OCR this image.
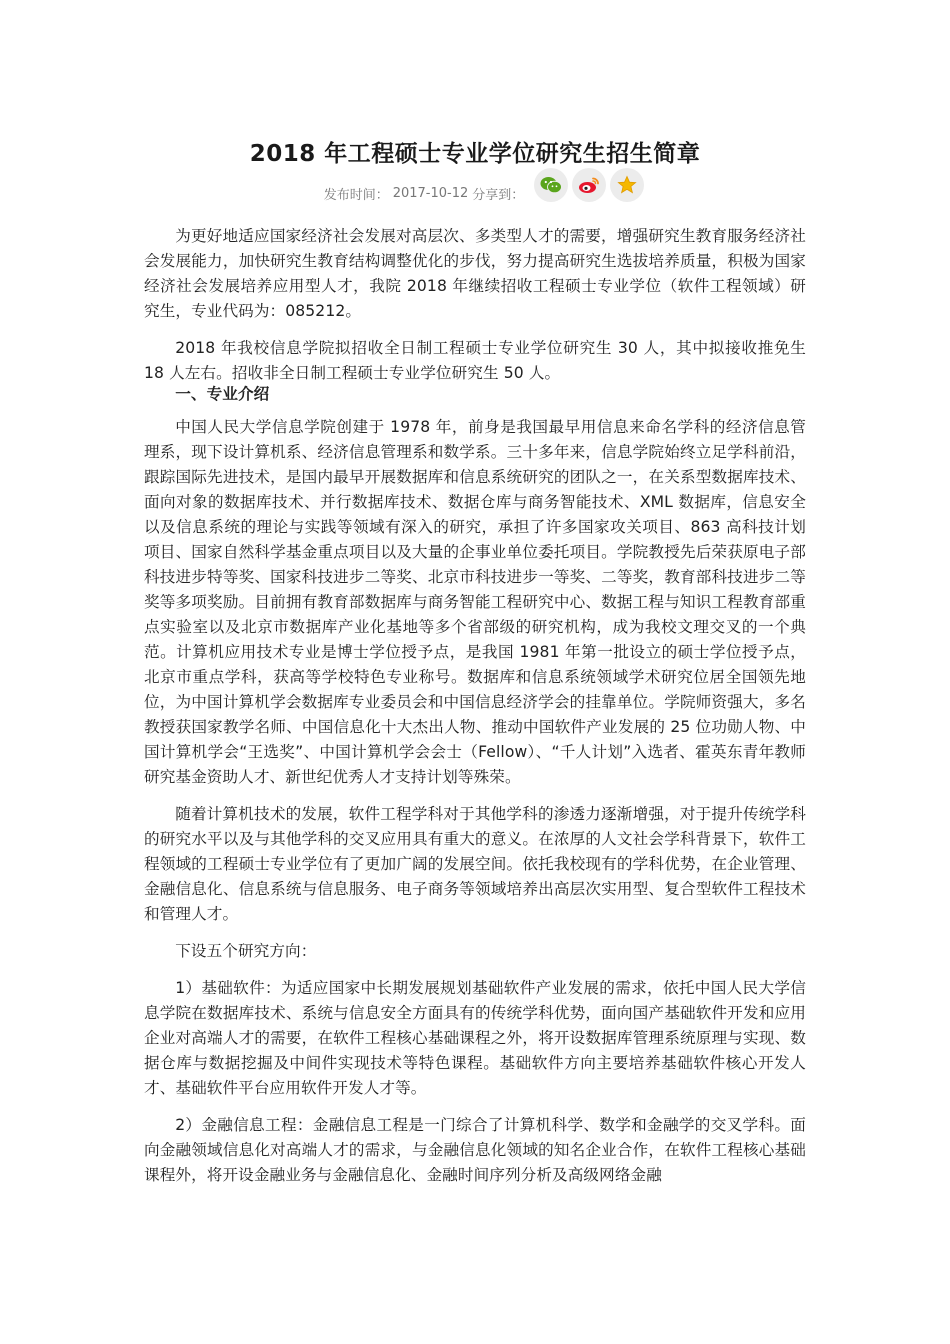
2018 年工程硕士专业学位研究生招生简章
发布时间： 2017-10-12 分享到：

为更好地适应国家经济社会发展对高层次、多类型人才的需要，增强研究生教育服务经济社会发展能力，加快研究生教育结构调整优化的步伐，努力提高研究生选拔培养质量，积极为国家经济社会发展培养应用型人才，我院 2018 年继续招收工程硕士专业学位（软件工程领域）研究生，专业代码为：085212。

2018 年我校信息学院拟招收全日制工程硕士专业学位研究生 30 人，其中拟接收推免生 18 人左右。招收非全日制工程硕士专业学位研究生 50 人。

一、专业介绍

中国人民大学信息学院创建于 1978 年，前身是我国最早用信息来命名学科的经济信息管理系，现下设计算机系、经济信息管理系和数学系。三十多年来，信息学院始终立足学科前沿，跟踪国际先进技术，是国内最早开展数据库和信息系统研究的团队之一，在关系型数据库技术、面向对象的数据库技术、并行数据库技术、数据仓库与商务智能技术、XML 数据库，信息安全以及信息系统的理论与实践等领域有深入的研究，承担了许多国家攻关项目、863 高科技计划项目、国家自然科学基金重点项目以及大量的企事业单位委托项目。学院教授先后荣获原电子部科技进步特等奖、国家科技进步二等奖、北京市科技进步一等奖、二等奖，教育部科技进步二等奖等多项奖励。目前拥有教育部数据库与商务智能工程研究中心、数据工程与知识工程教育部重点实验室以及北京市数据库产业化基地等多个省部级的研究机构，成为我校文理交叉的一个典范。计算机应用技术专业是博士学位授予点，是我国 1981 年第一批设立的硕士学位授予点，北京市重点学科，获高等学校特色专业称号。数据库和信息系统领域学术研究位居全国领先地位，为中国计算机学会数据库专业委员会和中国信息经济学会的挂靠单位。学院师资强大，多名教授获国家教学名师、中国信息化十大杰出人物、推动中国软件产业发展的 25 位功勋人物、中国计算机学会“王选奖”、中国计算机学会会士（Fellow）、“千人计划”入选者、霍英东青年教师研究基金资助人才、新世纪优秀人才支持计划等殊荣。

随着计算机技术的发展，软件工程学科对于其他学科的渗透力逐渐增强，对于提升传统学科的研究水平以及与其他学科的交叉应用具有重大的意义。在浓厚的人文社会学科背景下，软件工程领域的工程硕士专业学位有了更加广阔的发展空间。依托我校现有的学科优势，在企业管理、金融信息化、信息系统与信息服务、电子商务等领域培养出高层次实用型、复合型软件工程技术和管理人才。

下设五个研究方向：

1）基础软件：为适应国家中长期发展规划基础软件产业发展的需求，依托中国人民大学信息学院在数据库技术、系统与信息安全方面具有的传统学科优势，面向国产基础软件开发和应用企业对高端人才的需要，在软件工程核心基础课程之外，将开设数据库管理系统原理与实现、数据仓库与数据挖掘及中间件实现技术等特色课程。基础软件方向主要培养基础软件核心开发人才、基础软件平台应用软件开发人才等。

2）金融信息工程：金融信息工程是一门综合了计算机科学、数学和金融学的交叉学科。面向金融领域信息化对高端人才的需求，与金融信息化领域的知名企业合作，在软件工程核心基础课程外，将开设金融业务与金融信息化、金融时间序列分析及高级网络金融
